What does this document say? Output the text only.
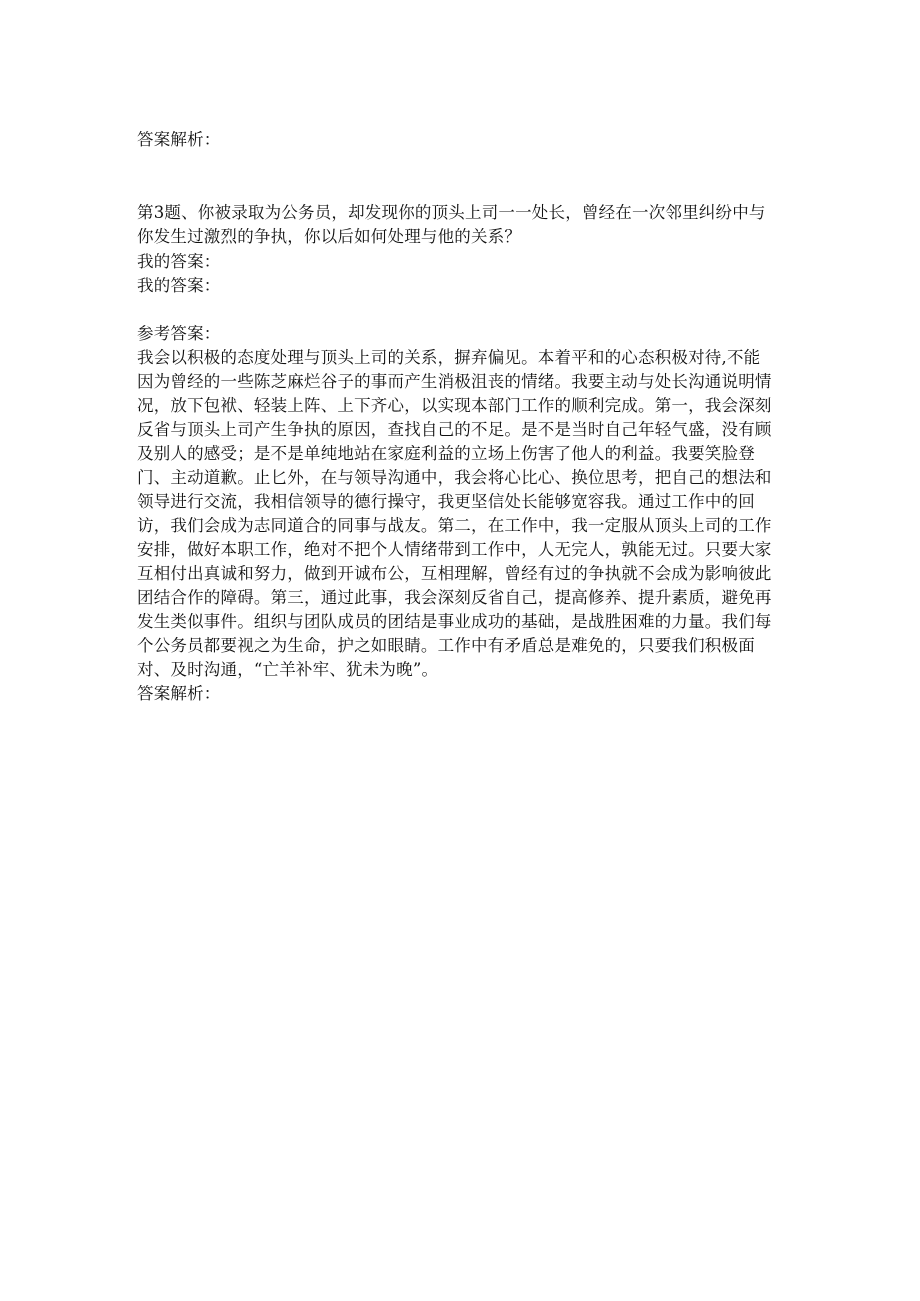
答案解析：
第3题、你被录取为公务员，却发现你的顶头上司一一处长，曾经在一次邻里纠纷中与
你发生过激烈的争执，你以后如何处理与他的关系？
我的答案：
我的答案：
参考答案：
我会以积极的态度处理与顶头上司的关系，摒弃偏见。本着平和的心态积极对待,不能
因为曾经的一些陈芝麻烂谷子的事而产生消极沮丧的情绪。我要主动与处长沟通说明情
况，放下包袱、轻装上阵、上下齐心，以实现本部门工作的顺利完成。第一，我会深刻
反省与顶头上司产生争执的原因，查找自己的不足。是不是当时自己年轻气盛，没有顾
及别人的感受；是不是单纯地站在家庭利益的立场上伤害了他人的利益。我要笑脸登
门、主动道歉。止匕外，在与领导沟通中，我会将心比心、换位思考，把自己的想法和
领导进行交流，我相信领导的德行操守，我更坚信处长能够宽容我。通过工作中的回
访，我们会成为志同道合的同事与战友。第二，在工作中，我一定服从顶头上司的工作
安排，做好本职工作，绝对不把个人情绪带到工作中，人无完人，孰能无过。只要大家
互相付出真诚和努力，做到开诚布公，互相理解，曾经有过的争执就不会成为影响彼此
团结合作的障碍。第三，通过此事，我会深刻反省自己，提高修养、提升素质，避免再
发生类似事件。组织与团队成员的团结是事业成功的基础，是战胜困难的力量。我们每
个公务员都要视之为生命，护之如眼睛。工作中有矛盾总是难免的，只要我们积极面
对、及时沟通，“亡羊补牢、犹未为晚”。
答案解析：
